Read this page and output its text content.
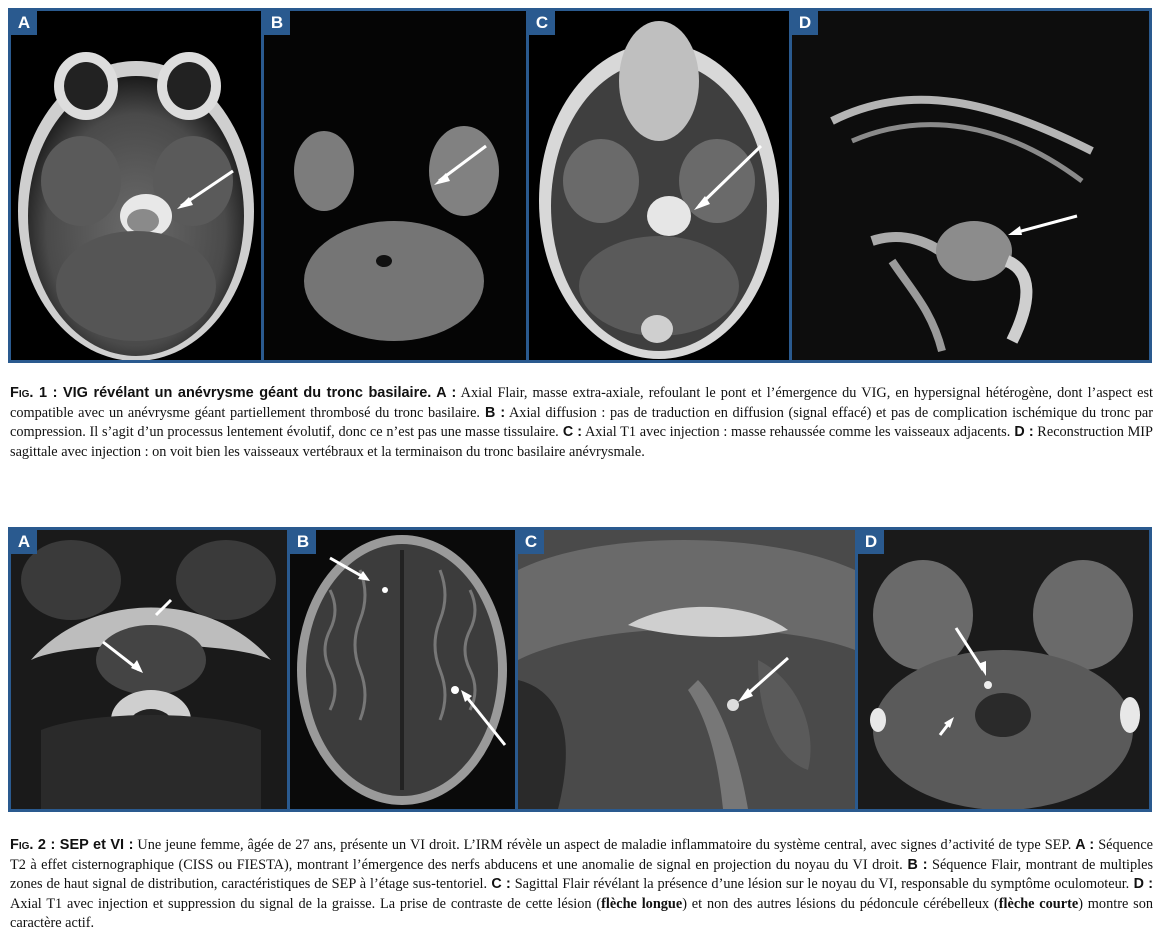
A	B	C	D
Fig. 1 : VIG révélant un anévrysme géant du tronc basilaire. A : Axial Flair, masse extra-axiale, refoulant le pont et l’émergence du VIG, en hypersignal hétérogène, dont l’aspect est compatible avec un anévrysme géant partiellement thrombosé du tronc basilaire. B : Axial diffusion : pas de traduction en diffusion (signal effacé) et pas de complication ischémique du tronc par compression. Il s’agit d’un processus lentement évolutif, donc ce n’est pas une masse tissulaire. C : Axial T1 avec injection : masse rehaussée comme les vaisseaux adjacents. D : Reconstruction MIP sagittale avec injection : on voit bien les vaisseaux vertébraux et la terminaison du tronc basilaire anévrysmale.
A	B	C	D
Fig. 2 : SEP et VI : Une jeune femme, âgée de 27 ans, présente un VI droit. L’IRM révèle un aspect de maladie inflammatoire du système central, avec signes d’activité de type SEP. A : Séquence T2 à effet cisternographique (CISS ou FIESTA), montrant l’émergence des nerfs abducens et une anomalie de signal en projection du noyau du VI droit. B : Séquence Flair, montrant de multiples zones de haut signal de distribution, caractéristiques de SEP à l’étage sus-tentoriel. C : Sagittal Flair révélant la présence d’une lésion sur le noyau du VI, responsable du symptôme oculomoteur. D : Axial T1 avec injection et suppression du signal de la graisse. La prise de contraste de cette lésion (flèche longue) et non des autres lésions du pédoncule cérébelleux (flèche courte) montre son caractère actif.
